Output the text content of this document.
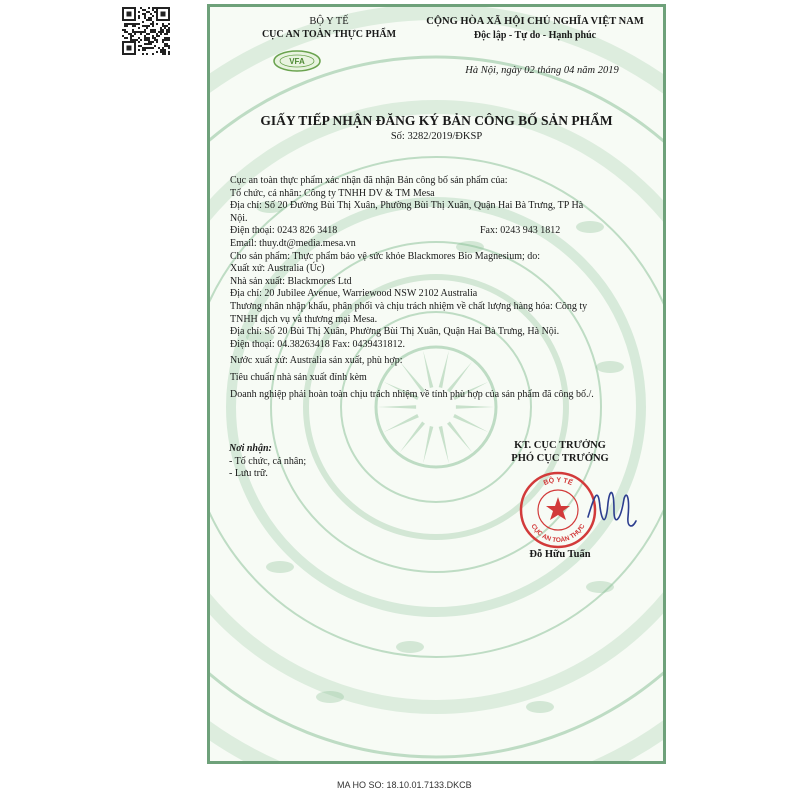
BỘ Y TẾ
CỤC AN TOÀN THỰC PHẨM
VFA
CỘNG HÒA XÃ HỘI CHỦ NGHĨA VIỆT NAM
Độc lập - Tự do - Hạnh phúc
Hà Nội, ngày 02 tháng 04 năm 2019
GIẤY TIẾP NHẬN ĐĂNG KÝ BẢN CÔNG BỐ SẢN PHẨM
Số: 3282/2019/ĐKSP
Cục an toàn thực phẩm xác nhận đã nhận Bản công bố sản phẩm của:
Tổ chức, cá nhân: Công ty TNHH DV & TM Mesa
Địa chỉ: Số 20 Đường Bùi Thị Xuân, Phường Bùi Thị Xuân, Quận Hai Bà Trưng, TP Hà
Nội.
Điện thoại: 0243 826 3418	Fax: 0243 943 1812
Email: thuy.dt@media.mesa.vn
Cho sản phẩm: Thực phẩm bảo vệ sức khỏe Blackmores Bio Magnesium; do:
Xuất xứ: Australia (Úc)
Nhà sản xuất: Blackmores Ltd
Địa chỉ: 20 Jubilee Avenue, Warriewood NSW 2102 Australia
Thương nhân nhập khẩu, phân phối và chịu trách nhiệm về chất lượng hàng hóa: Công ty
TNHH dịch vụ và thương mại Mesa.
Địa chỉ: Số 20 Bùi Thị Xuân, Phường Bùi Thị Xuân, Quận Hai Bà Trưng, Hà Nội.
Điện thoại: 04.38263418 Fax: 0439431812.
Nước xuất xứ: Australia sản xuất, phù hợp:
Tiêu chuẩn nhà sản xuất đính kèm
Doanh nghiệp phải hoàn toàn chịu trách nhiệm về tính phù hợp của sản phẩm đã công bố./.
Nơi nhận:
- Tổ chức, cá nhân;
- Lưu trữ.
KT. CỤC TRƯỞNG
PHÓ CỤC TRƯỞNG
BỘ Y TẾ
CỤC AN TOÀN THỰC
Đỗ Hữu Tuấn
MA HO SO: 18.10.01.7133.DKCB
